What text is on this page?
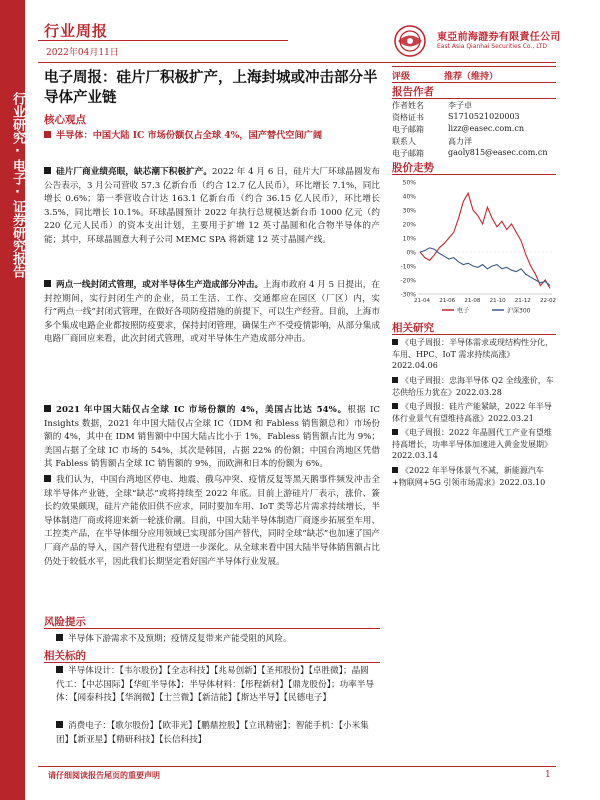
行业研究·电子·证券研究报告
行业周报
2022年04月11日
東亞前海證券有限責任公司
East Asia Qianhai Securities Co., LTD
电子周报：硅片厂积极扩产，上海封城或冲击部分半导体产业链
核心观点
半导体：中国大陆 IC 市场份额仅占全球 4%，国产替代空间广阔
硅片厂商业绩亮眼，缺芯潮下积极扩产。2022 年 4 月 6 日，硅片大厂环球晶圆发布公告表示，3 月公司营收 57.3 亿新台币（约合 12.7 亿人民币），环比增长 7.1%，同比增长 0.6%；第一季营收合计达 163.1 亿新台币（约合 36.15 亿人民币），环比增长 3.5%，同比增长 10.1%。环球晶圆预计 2022 年执行总规模达新台币 1000 亿元（约 220 亿元人民币）的资本支出计划，主要用于扩增 12 英寸晶圆和化合物半导体的产能；其中，环球晶圆意大利子公司 MEMC SPA 将新建 12 英寸晶圆产线。
两点一线封闭式管理，或对半导体生产造成部分冲击。上海市政府 4 月 5 日提出，在封控期间，实行封闭生产的企业，员工生活、工作、交通都应在园区（厂区）内，实行“两点一线”封闭式管理，在做好各项防疫措施的前提下，可以生产经营。目前，上海市多个集成电路企业都按照防疫要求，保持封闭管理，确保生产不受疫情影响，从部分集成电路厂商回应来看，此次封闭式管理，或对半导体生产造成部分冲击。
2021 年中国大陆仅占全球 IC 市场份额的 4%，美国占比达 54%。根据 IC Insights 数据，2021 年中国大陆仅占全球 IC（IDM 和 Fabless 销售额总和）市场份额的 4%，其中在 IDM 销售额中中国大陆占比小于 1%，Fabless 销售额占比为 9%；美国占据了全球 IC 市场的 54%，其次是韩国，占据 22% 的份额；中国台湾地区凭借其 Fabless 销售额占全球 IC 销售额的 9%，而欧洲和日本的份额为 6%。
我们认为，中国台湾地区停电、地震、俄乌冲突、疫情反复等黑天鹅事件频发冲击全球半导体产业链，全球“缺芯”或将持续至 2022 年底。目前上游硅片厂表示，涨价、簽长约效果颇现，硅片产能依旧供不应求，同时要加车用、IoT 类等芯片需求持续增长，半导体制造厂商或将迎来新一轮涨价潮。目前，中国大陆半导体制造厂商逐步拓展至车用、工控类产品，在半导体细分应用领域已实现部分国产替代，同时全球“缺芯”也加速了国产厂商产品的导入，国产替代进程有望进一步深化。从全球来看中国大陆半导体销售额占比仍处于较低水平，因此我们长期坚定看好国产半导体行业发展。
风险提示
半导体下游需求不及预期；疫情反复带来产能受阻的风险。
相关标的
半导体设计：【韦尔股份】【全志科技】【兆易创新】【圣邦股份】【卓胜微】；晶圆代工：【中芯国际】【华虹半导体】；半导体材料：【彤程新材】【鼎龙股份】；功率半导体：【闻泰科技】【华润微】【士兰微】【新洁能】【斯达半导】【民德电子】
消费电子：【歌尔股份】【欧菲光】【鹏鼎控股】【立讯精密】；智能手机：【小米集团】【新亚星】【精研科技】【长信科技】
评级	推荐（维持）
报告作者
作者姓名	李子卓
资格证书	S1710521020003
电子邮箱	lizz@easec.com.cn
联系人	高力洋
电子邮箱	gaoly815@easec.com.cn
股价走势
50%
40%
30%
20%
10%
0%
-10%
-20%
-30%
21-04 21-06 21-08 21-10 21-12 22-02
电子	沪深300
相关研究
《电子周报：半导体需求或现结构性分化，车用、HPC、IoT 需求持续高涨》2022.04.06
《电子周报：忠海半导体 Q2 全线涨价，车芯供给压力犹在》2022.03.28
《电子周报：硅片产能紧缺，2022 年半导体行业景气有望维持高涨》2022.03.21
《电子周报：2022 年晶圆代工产业有望维持高增长，功率半导体加速进入黄金发展期》2022.03.14
《2022 年半导体景气不减，新能源汽车+物联网+5G 引领市场需求》2022.03.10
请仔细阅读报告尾页的重要声明	1
